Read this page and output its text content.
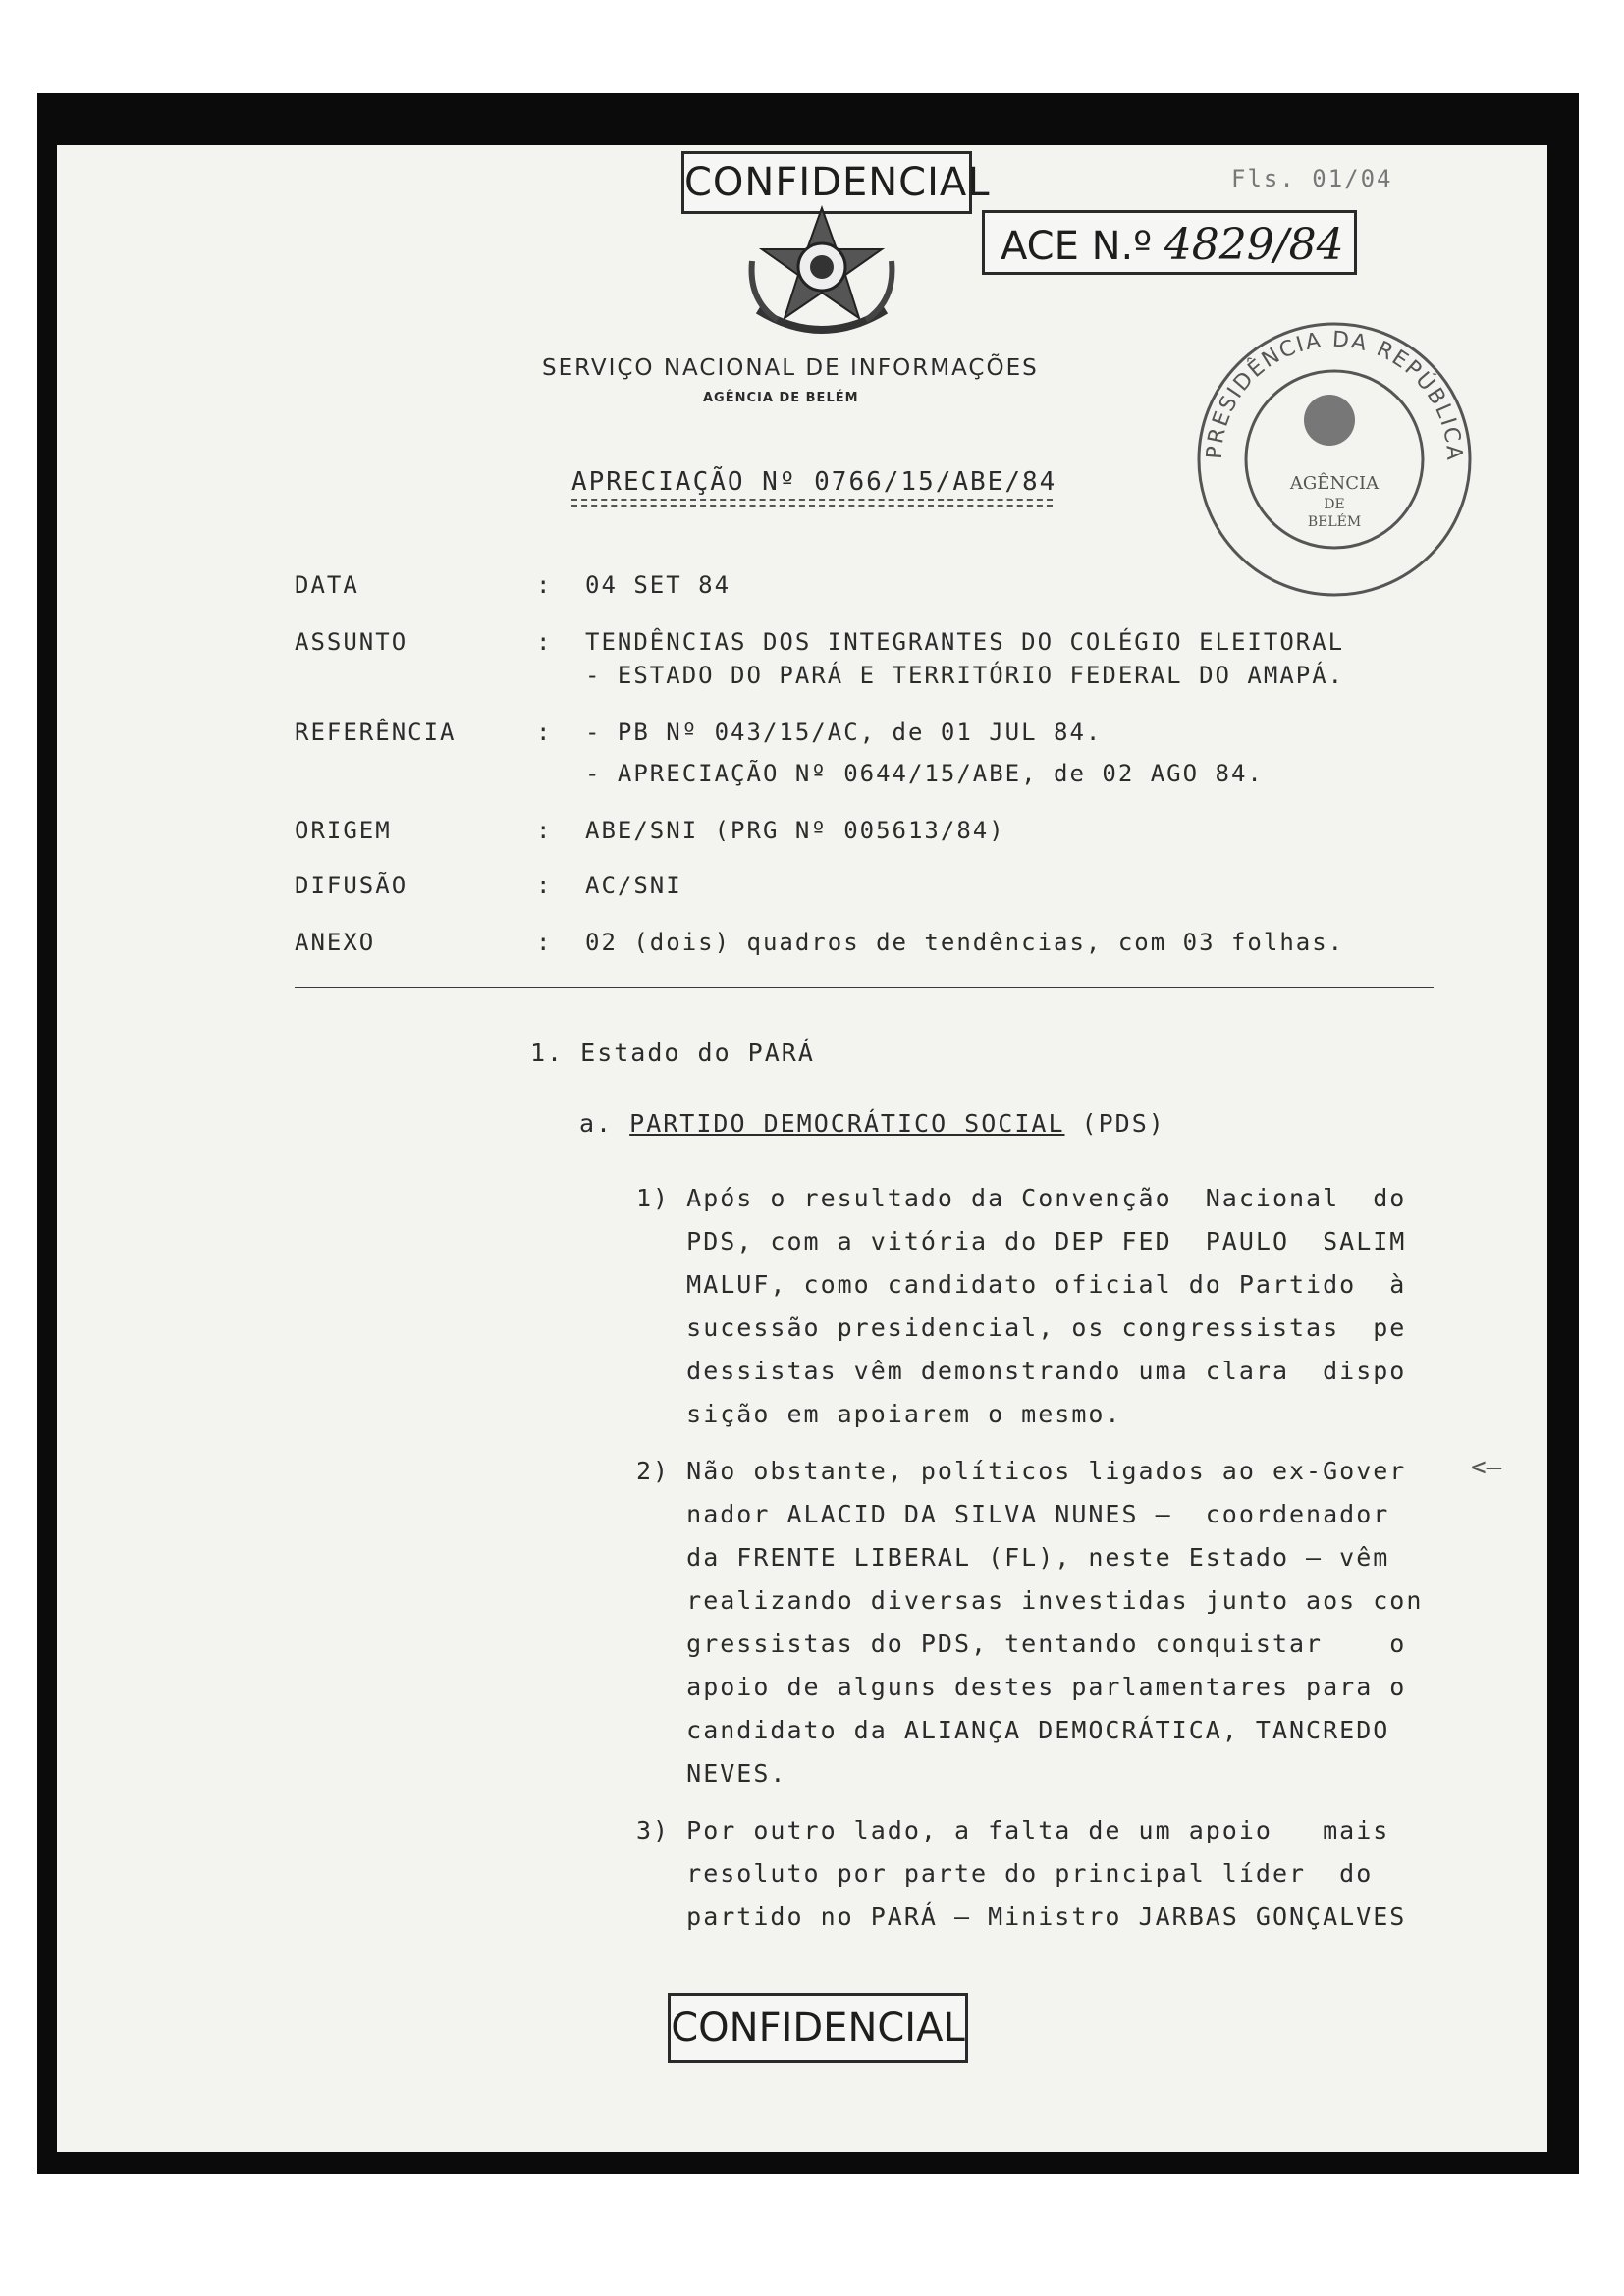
CONFIDENCIAL	Fls. 01/04
ACE N.º 4829/84
PRESIDÊNCIA DA REPÚBLICA
AGÊNCIA
DE
BELÉM
SERVIÇO NACIONAL DE INFORMAÇÕES
AGÊNCIA DE BELÉM
APRECIAÇÃO Nº 0766/15/ABE/84
DATA	: 04 SET 84
ASSUNTO	: TENDÊNCIAS DOS INTEGRANTES DO COLÉGIO ELEITORAL
- ESTADO DO PARÁ E TERRITÓRIO FEDERAL DO AMAPÁ.
REFERÊNCIA	: - PB Nº 043/15/AC, de 01 JUL 84.
- APRECIAÇÃO Nº 0644/15/ABE, de 02 AGO 84.
ORIGEM	: ABE/SNI (PRG Nº 005613/84)
DIFUSÃO	: AC/SNI
ANEXO	: 02 (dois) quadros de tendências, com 03 folhas.
1. Estado do PARÁ
a. PARTIDO DEMOCRÁTICO SOCIAL (PDS)
1) Após o resultado da Convenção  Nacional  do
PDS, com a vitória do DEP FED  PAULO  SALIM
MALUF, como candidato oficial do Partido  à
sucessão presidencial, os congressistas  pe
dessistas vêm demonstrando uma clara  dispo
sição em apoiarem o mesmo.
2) Não obstante, políticos ligados ao ex-Gover
nador ALACID DA SILVA NUNES —  coordenador
da FRENTE LIBERAL (FL), neste Estado — vêm
realizando diversas investidas junto aos con
gressistas do PDS, tentando conquistar    o
apoio de alguns destes parlamentares para o
candidato da ALIANÇA DEMOCRÁTICA, TANCREDO
NEVES.
3) Por outro lado, a falta de um apoio   mais
resoluto por parte do principal líder  do
partido no PARÁ — Ministro JARBAS GONÇALVES
<—
CONFIDENCIAL
